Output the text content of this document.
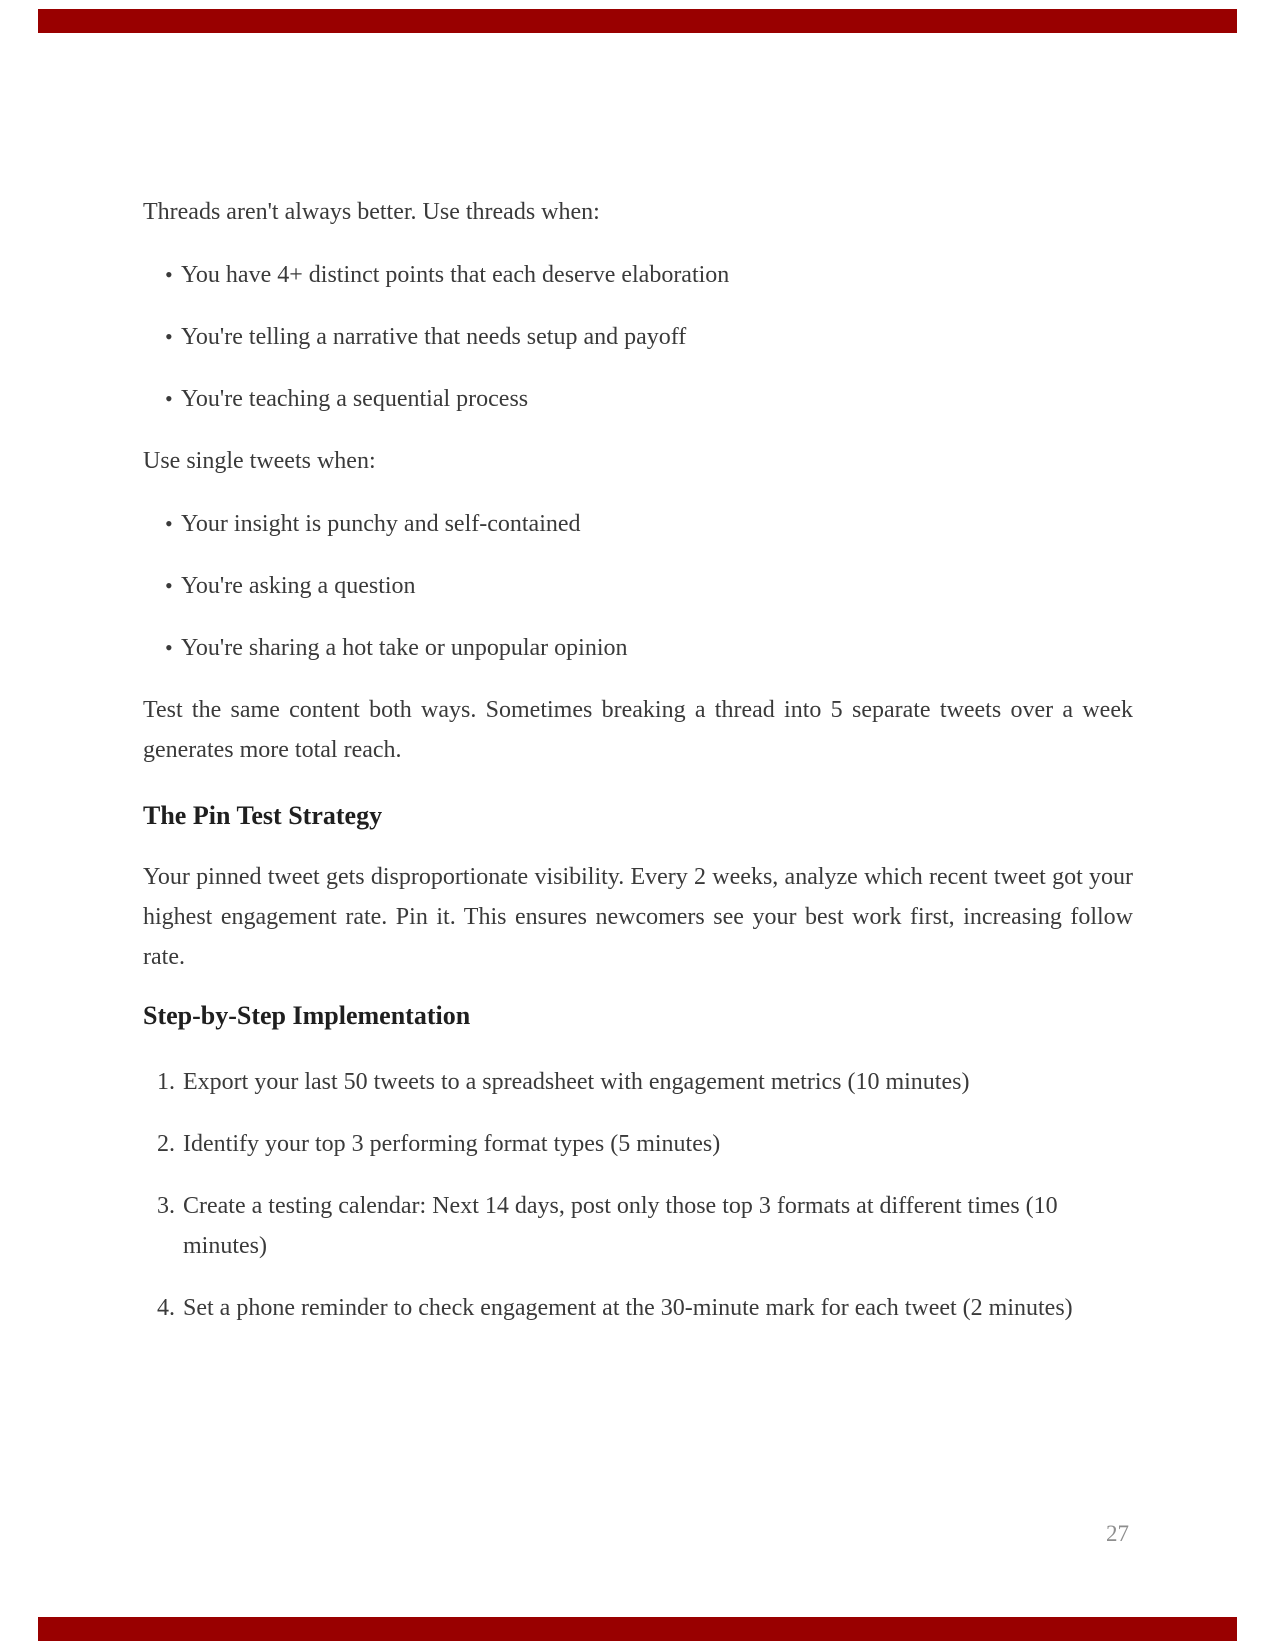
Threads aren't always better. Use threads when:

• You have 4+ distinct points that each deserve elaboration
• You're telling a narrative that needs setup and payoff
• You're teaching a sequential process

Use single tweets when:

• Your insight is punchy and self-contained
• You're asking a question
• You're sharing a hot take or unpopular opinion

Test the same content both ways. Sometimes breaking a thread into 5 separate tweets over a week generates more total reach.

The Pin Test Strategy

Your pinned tweet gets disproportionate visibility. Every 2 weeks, analyze which recent tweet got your highest engagement rate. Pin it. This ensures newcomers see your best work first, increasing follow rate.

Step-by-Step Implementation
Export your last 50 tweets to a spreadsheet with engagement metrics (10 minutes)
Identify your top 3 performing format types (5 minutes)
Create a testing calendar: Next 14 days, post only those top 3 formats at different times (10 minutes)
Set a phone reminder to check engagement at the 30-minute mark for each tweet (2 minutes)
27
